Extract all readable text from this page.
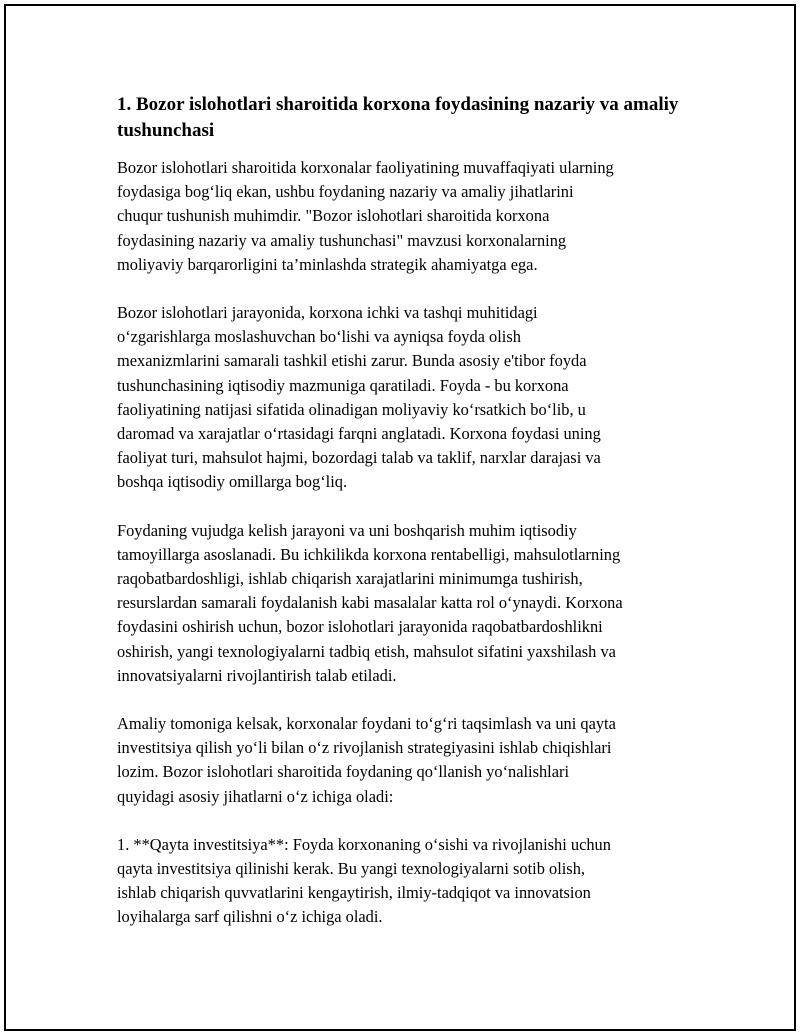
1. Bozor islohotlari sharoitida korxona foydasining nazariy va amaliy tushunchasi

Bozor islohotlari sharoitida korxonalar faoliyatining muvaffaqiyati ularning
foydasiga bog‘liq ekan, ushbu foydaning nazariy va amaliy jihatlarini
chuqur tushunish muhimdir. "Bozor islohotlari sharoitida korxona
foydasining nazariy va amaliy tushunchasi" mavzusi korxonalarning
moliyaviy barqarorligini ta’minlashda strategik ahamiyatga ega.

Bozor islohotlari jarayonida, korxona ichki va tashqi muhitidagi
o‘zgarishlarga moslashuvchan bo‘lishi va ayniqsa foyda olish
mexanizmlarini samarali tashkil etishi zarur. Bunda asosiy e'tibor foyda
tushunchasining iqtisodiy mazmuniga qaratiladi. Foyda - bu korxona
faoliyatining natijasi sifatida olinadigan moliyaviy ko‘rsatkich bo‘lib, u
daromad va xarajatlar o‘rtasidagi farqni anglatadi. Korxona foydasi uning
faoliyat turi, mahsulot hajmi, bozordagi talab va taklif, narxlar darajasi va
boshqa iqtisodiy omillarga bog‘liq.

Foydaning vujudga kelish jarayoni va uni boshqarish muhim iqtisodiy
tamoyillarga asoslanadi. Bu ichkilikda korxona rentabelligi, mahsulotlarning
raqobatbardoshligi, ishlab chiqarish xarajatlarini minimumga tushirish,
resurslardan samarali foydalanish kabi masalalar katta rol o‘ynaydi. Korxona
foydasini oshirish uchun, bozor islohotlari jarayonida raqobatbardoshlikni
oshirish, yangi texnologiyalarni tadbiq etish, mahsulot sifatini yaxshilash va
innovatsiyalarni rivojlantirish talab etiladi.

Amaliy tomoniga kelsak, korxonalar foydani to‘g‘ri taqsimlash va uni qayta
investitsiya qilish yo‘li bilan o‘z rivojlanish strategiyasini ishlab chiqishlari
lozim. Bozor islohotlari sharoitida foydaning qo‘llanish yo‘nalishlari
quyidagi asosiy jihatlarni o‘z ichiga oladi:

1. **Qayta investitsiya**: Foyda korxonaning o‘sishi va rivojlanishi uchun
qayta investitsiya qilinishi kerak. Bu yangi texnologiyalarni sotib olish,
ishlab chiqarish quvvatlarini kengaytirish, ilmiy-tadqiqot va innovatsion
loyihalarga sarf qilishni o‘z ichiga oladi.
